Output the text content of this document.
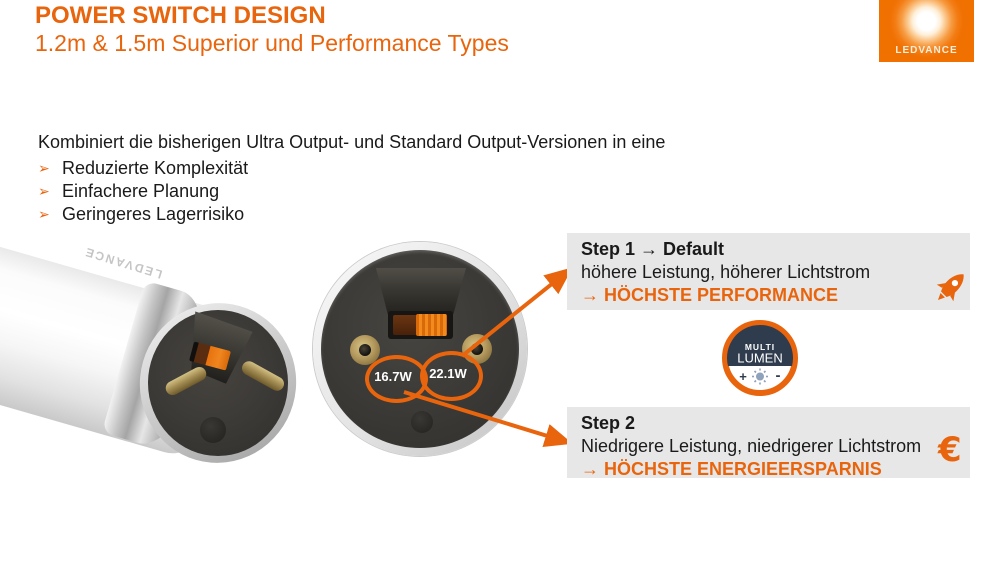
POWER SWITCH DESIGN
1.2m & 1.5m Superior und Performance Types	LEDVANCE
Kombiniert die bisherigen Ultra Output- und Standard Output-Versionen in eine
➢ Reduzierte Komplexität
➢ Einfachere Planung
➢ Geringeres Lagerrisiko
LEDVANCE
16.7W	22.1W
Step 1 → Default
höhere Leistung, höherer Lichtstrom
→ HÖCHSTE PERFORMANCE
MULTI
LUMEN
+ -
Step 2
Niedrigere Leistung, niedrigerer Lichtstrom
→ HÖCHSTE ENERGIEERSPARNIS	€
